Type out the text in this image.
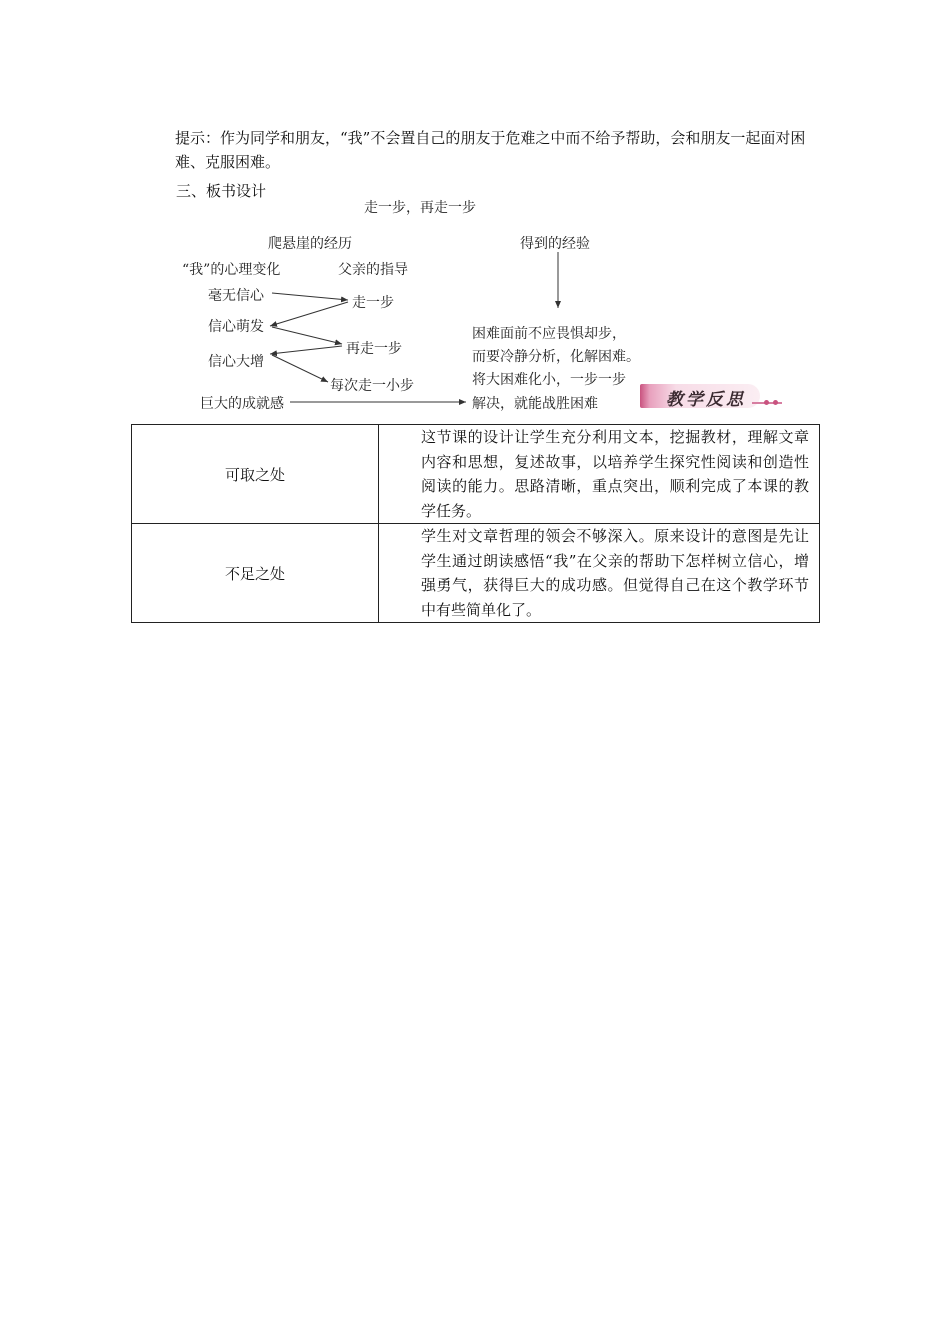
提示：作为同学和朋友，“我”不会置自己的朋友于危难之中而不给予帮助，会和朋友一起面对困难、克服困难。
三、板书设计
走一步，再走一步
爬悬崖的经历	得到的经验
“我”的心理变化	父亲的指导
毫无信心
信心萌发
信心大增
巨大的成就感
走一步
再走一步
每次走一小步
困难面前不应畏惧却步，
而要冷静分析，化解困难。
将大困难化小，一步一步
解决，就能战胜困难	教学反思
可取之处	这节课的设计让学生充分利用文本，挖掘教材，理解文章内容和思想，复述故事，以培养学生探究性阅读和创造性阅读的能力。思路清晰，重点突出，顺利完成了本课的教学任务。

不足之处	学生对文章哲理的领会不够深入。原来设计的意图是先让学生通过朗读感悟“我”在父亲的帮助下怎样树立信心，增强勇气，获得巨大的成功感。但觉得自己在这个教学环节中有些简单化了。
